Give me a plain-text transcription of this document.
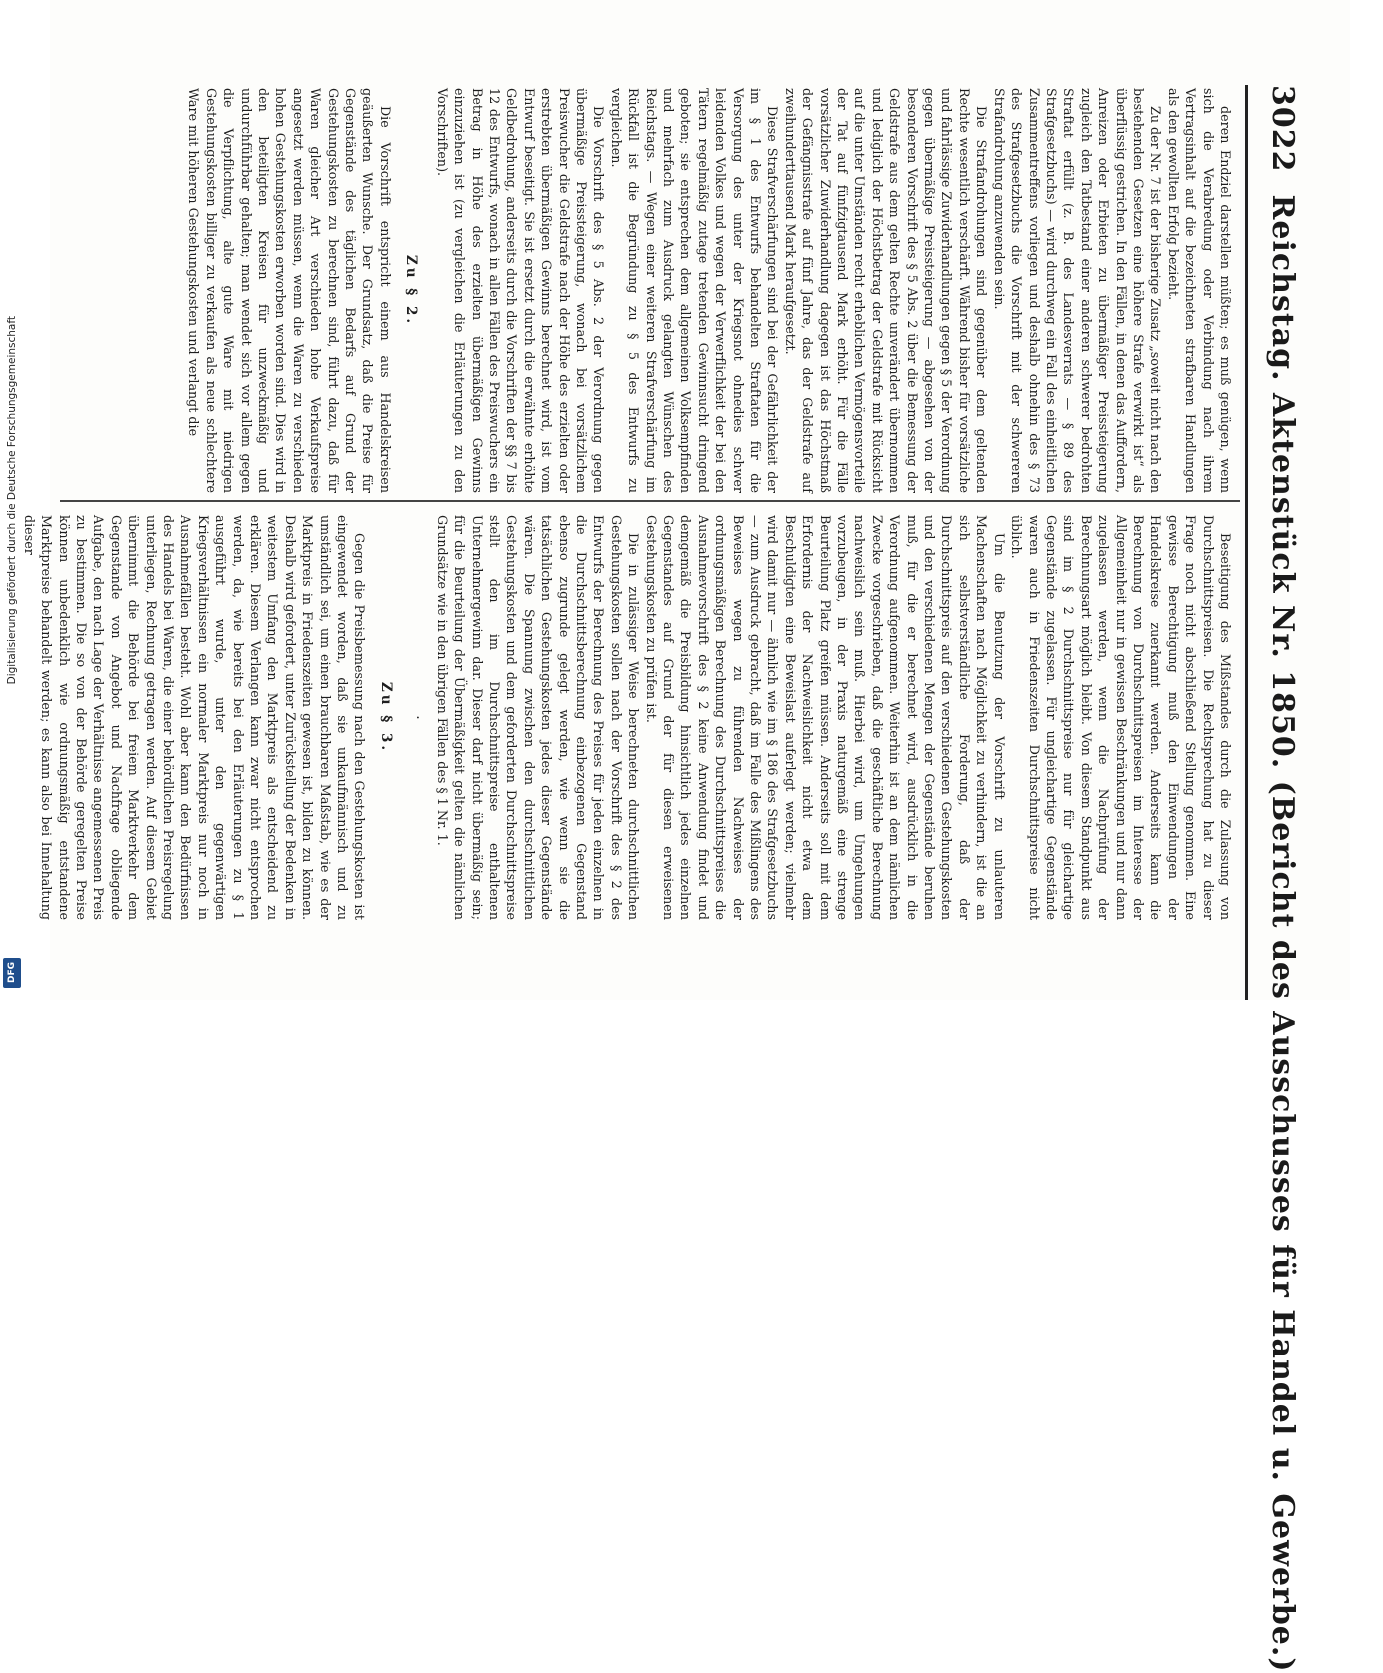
Digitalisierung gefördert durch die Deutsche Forschungsgemeinschaft
DFG
3022
Reichstag. Aktenstück Nr. 1850. (Bericht des Ausschusses für Handel u. Gewerbe.)

deren Endziel darstellen müßten; es muß genügen, wenn sich die Verabredung oder Verbindung nach ihrem Vertragsinhalt auf die bezeichneten strafbaren Handlungen als den gewollten Erfolg bezieht.

Zu der Nr. 7 ist der bisherige Zusatz „soweit nicht nach den bestehenden Gesetzen eine höhere Strafe verwirkt ist“ als überflüssig gestrichen. In den Fällen, in denen das Auffordern, Anreizen oder Erbieten zu übermäßiger Preissteigerung zugleich den Tatbestand einer anderen schwerer bedrohten Straftat erfüllt (z. B. des Landesverrats — § 89 des Strafgesetzbuchs) — wird durchweg ein Fall des einheitlichen Zusammentreffens vorliegen und deshalb ohnehin des § 73 des Strafgesetzbuchs die Vorschrift mit der schwereren Strafandrohung anzuwenden sein.

Die Strafandrohungen sind gegenüber dem geltenden Rechte wesentlich verschärft. Während bisher für vorsätzliche und fahrlässige Zuwiderhandlungen gegen § 5 der Verordnung gegen übermäßige Preissteigerung — abgesehen von der besonderen Vorschrift des § 5 Abs. 2 über die Bemessung der Geldstrafe aus dem gelten Rechte unverändert übernommen und lediglich der Höchstbetrag der Geldstrafe mit Rücksicht auf die unter Umständen recht erheblichen Vermögensvorteile der Tat auf fünfzigtausend Mark erhöht. Für die Fälle vorsätzlicher Zuwiderhandlung dagegen ist das Höchstmaß der Gefängnisstrafe auf fünf Jahre, das der Geldstrafe auf zweihunderttausend Mark heraufgesetzt.

Diese Strafverschärfungen sind bei der Gefährlichkeit der im § 1 des Entwurfs behandelten Straftaten für die Versorgung des unter der Kriegsnot ohnedies schwer leidenden Volkes und wegen der Verwerflichkeit der bei den Tätern regelmäßig zutage tretenden Gewinnsucht dringend geboten; sie entsprechen dem allgemeinen Volksempfinden und mehrfach zum Ausdruck gelangten Wünschen des Reichstags. — Wegen einer weiteren Strafverschärfung im Rückfall ist die Begründung zu § 5 des Entwurfs zu vergleichen.

Die Vorschrift des § 5 Abs. 2 der Verordnung gegen übermäßige Preissteigerung, wonach bei vorsätzlichem Preiswucher die Geldstrafe nach der Höhe des erzielten oder erstrebten übermäßigen Gewinns berechnet wird, ist vom Entwurf beseitigt. Sie ist ersetzt durch die erwähnte erhöhte Geldbedrohung, anderseits durch die Vorschriften der §§ 7 bis 12 des Entwurfs, wonach in allen Fällen des Preiswuchers ein Betrag in Höhe des erzielten übermäßigen Gewinns einzuziehen ist (zu vergleichen die Erläuterungen zu den Vorschriften).

Zu § 2.

Die Vorschrift entspricht einem aus Handelskreisen geäußerten Wunsche. Der Grundsatz, daß die Preise für Gegenstände des täglichen Bedarfs auf Grund der Gestehungskosten zu berechnen sind, führt dazu, daß für Waren gleicher Art verschieden hohe Verkaufspreise angesetzt werden müssen, wenn die Waren zu verschieden hohen Gestehungskosten erworben worden sind. Dies wird in den beteiligten Kreisen für unzweckmäßig und undurchführbar gehalten; man wendet sich vor allem gegen die Verpflichtung, alte gute Ware mit niedrigen Gestehungskosten billiger zu verkaufen als neue schlechtere Ware mit höheren Gestehungskosten und verlangt die

Beseitigung des Mißstandes durch die Zulassung von Durchschnittspreisen. Die Rechtsprechung hat zu dieser Frage noch nicht abschließend Stellung genommen. Eine gewisse Berechtigung muß den Einwendungen der Handelskreise zuerkannt werden. Anderseits kann die Berechnung von Durchschnittspreisen im Interesse der Allgemeinheit nur in gewissen Beschränkungen und nur dann zugelassen werden, wenn die Nachprüfung der Berechnungsart möglich bleibt. Von diesem Standpunkt aus sind im § 2 Durchschnittspreise nur für gleichartige Gegenstände zugelassen. Für ungleichartige Gegenstände waren auch in Friedenszeiten Durchschnittspreise nicht üblich.

Um die Benutzung der Vorschrift zu unlauteren Machenschaften nach Möglichkeit zu verhindern, ist die an sich selbstverständliche Forderung, daß der Durchschnittspreis auf den verschiedenen Gestehungskosten und den verschiedenen Mengen der Gegenstände beruhen muß, für die er berechnet wird, ausdrücklich in die Verordnung aufgenommen. Weiterhin ist an dem nämlichen Zwecke vorgeschrieben, daß die geschäftliche Berechnung nachweislich sein muß. Hierbei wird, um Umgehungen vorzubeugen, in der Praxis naturgemäß eine strenge Beurteilung Platz greifen müssen. Anderseits soll mit dem Erfordernis der Nachweislichkeit nicht etwa dem Beschuldigten eine Beweislast auferlegt werden; vielmehr wird damit nur — ähnlich wie im § 186 des Strafgesetzbuchs — zum Ausdruck gebracht, daß im Falle des Mißlingens des Beweises wegen zu führenden Nachweises der ordnungsmäßigen Berechnung des Durchschnittspreises die Ausnahmevorschrift des § 2 keine Anwendung findet und demgemäß die Preisbildung hinsichtlich jedes einzelnen Gegenstandes auf Grund der für diesen erweisenen Gestehungskosten zu prüfen ist.

Die in zulässiger Weise berechneten durchschnittlichen Gestehungskosten sollen nach der Vorschrift des § 2 des Entwurfs der Berechnung des Preises für jeden einzelnen in die Durchschnittsberechnung einbezogenen Gegenstand ebenso zugrunde gelegt werden, wie wenn sie die tatsächlichen Gestehungskosten jedes dieser Gegenstände wären. Die Spannung zwischen den durchschnittlichen Gestehungskosten und dem geforderten Durchschnittspreise stellt den im Durchschnittspreise enthaltenen Unternehmergewinn dar. Dieser darf nicht übermäßig sein; für die Beurteilung der Übermäßigkeit gelten die nämlichen Grundsätze wie in den übrigen Fällen des § 1 Nr. 1.

·
Zu § 3.

Gegen die Preisbemessung nach den Gestehungskosten ist eingewendet worden, daß sie unkaufmännisch und zu umständlich sei, um einen brauchbaren Maßstab, wie es der Marktpreis in Friedenszeiten gewesen ist, bilden zu können. Deshalb wird gefordert, unter Zurückstellung der Bedenken in weitestem Umfang den Marktpreis als entscheidend zu erklären. Diesem Verlangen kann zwar nicht entsprochen werden, da, wie bereits bei den Erläuterungen zu § 1 ausgeführt wurde, unter den gegenwärtigen Kriegsverhältnissen ein normaler Marktpreis nur noch in Ausnahmefällen besteht. Wohl aber kann den Bedürfnissen des Handels bei Waren, die einer behördlichen Preisregelung unterliegen, Rechnung getragen werden. Auf diesem Gebiet übernimmt die Behörde bei freiem Marktverkehr dem Gegenstande von Angebot und Nachfrage obliegende Aufgabe, den nach Lage der Verhältnisse angemessenen Preis zu bestimmen. Die so von der Behörde geregelten Preise können unbedenklich wie ordnungsmäßig entstandene Marktpreise behandelt werden; es kann also bei Innehaltung dieser
